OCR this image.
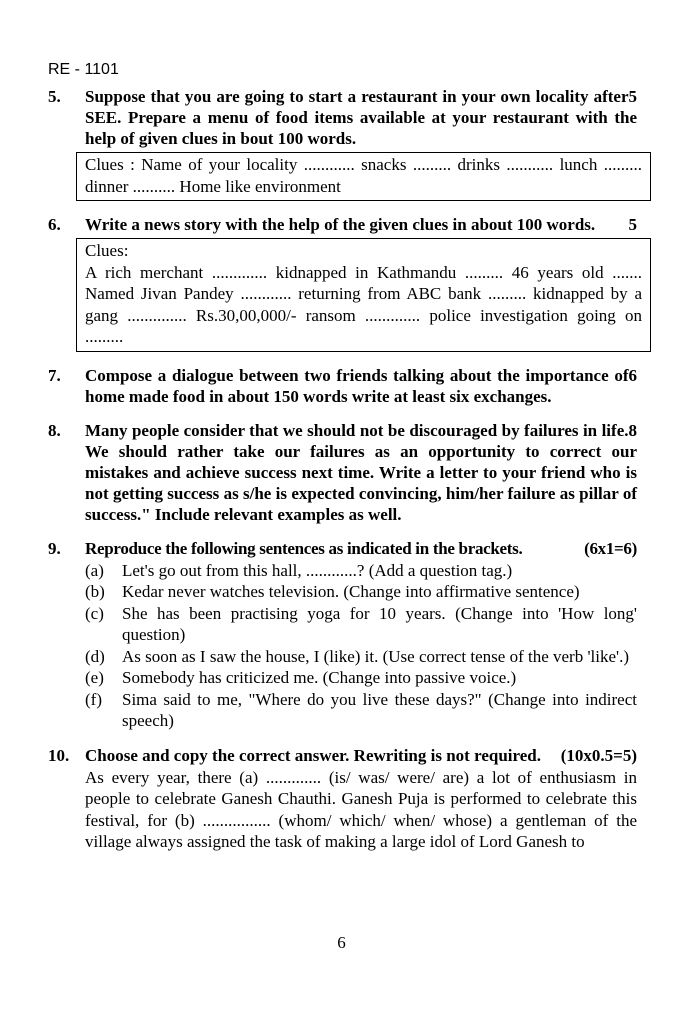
RE - 1101
5.	5
Suppose that you are going to start a restaurant in your own locality after SEE. Prepare a menu of food items available at your restaurant with the help of given clues in bout 100 words.
Clues : Name of your locality ............ snacks ......... drinks ........... lunch ......... dinner .......... Home like environment
6.	5
Write a news story with the help of the given clues in about 100 words.
Clues:
A rich merchant ............. kidnapped in Kathmandu ......... 46 years old ....... Named Jivan Pandey ............ returning from ABC bank ......... kidnapped by a gang .............. Rs.30,00,000/- ransom ............. police investigation going on .........
7.	6
Compose a dialogue between two friends talking about the importance of home made food in about 150 words write at least six exchanges.
8.	8
Many people consider that we should not be discouraged by failures in life. We should rather take our failures as an opportunity to correct our mistakes and achieve success next time. Write a letter to your friend who is not getting success as s/he is expected convincing, him/her failure as pillar of success." Include relevant examples as well.
9.	Reproduce the following sentences as indicated in the brackets.	(6x1=6)
(a)	Let's go out from this hall, ............? (Add a question tag.)
(b)	Kedar never watches television. (Change into affirmative sentence)
(c)	She has been practising yoga for 10 years. (Change into 'How long' question)
(d)	As soon as I saw the house, I (like) it. (Use correct tense of the verb 'like'.)
(e)	Somebody has criticized me. (Change into passive voice.)
(f)	Sima said to me, "Where do you live these days?" (Change into indirect speech)
10. Choose and copy the correct answer. Rewriting is not required. (10x0.5=5)
As every year, there (a) ............. (is/ was/ were/ are) a lot of enthusiasm in people to celebrate Ganesh Chauthi. Ganesh Puja is performed to celebrate this festival, for (b) ................ (whom/ which/ when/ whose) a gentleman of the village always assigned the task of making a large idol of Lord Ganesh to
6
